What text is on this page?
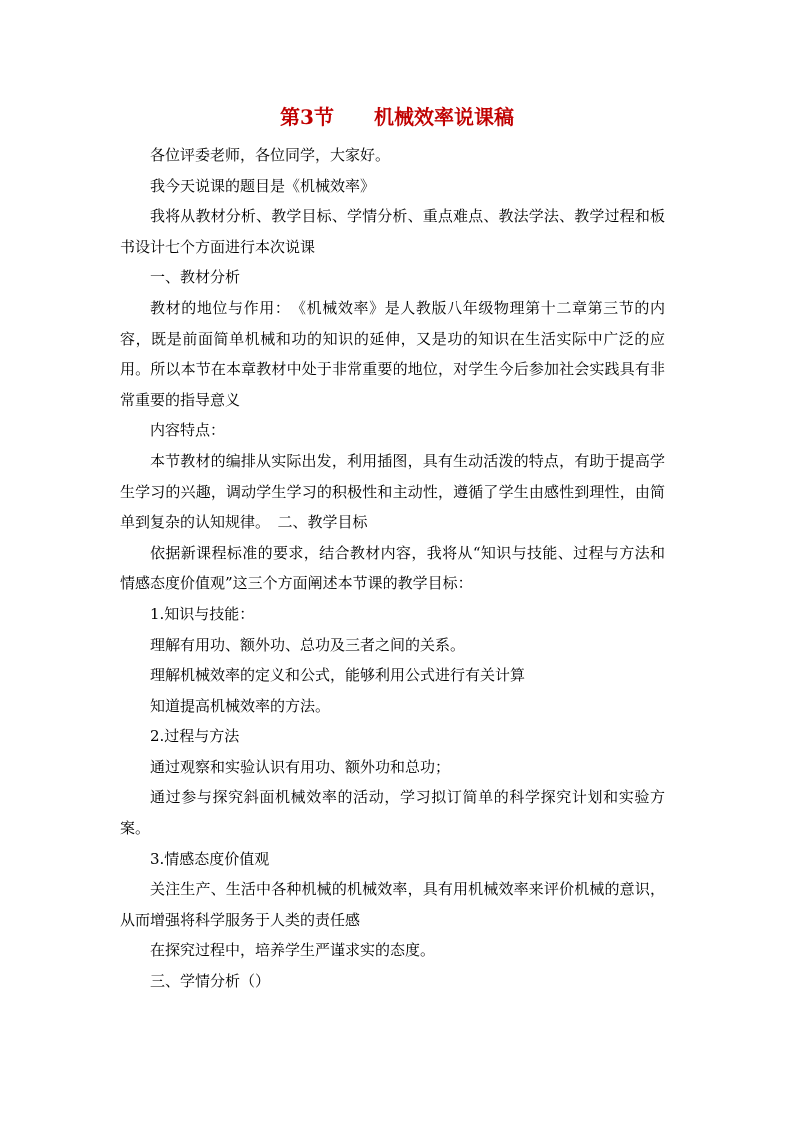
第3节 机械效率说课稿

各位评委老师，各位同学，大家好。

我今天说课的题目是《机械效率》

我将从教材分析、教学目标、学情分析、重点难点、教法学法、教学过程和板书设计七个方面进行本次说课

一、教材分析

教材的地位与作用：　《机械效率》是人教版八年级物理第十二章第三节的内容，既是前面简单机械和功的知识的延伸，又是功的知识在生活实际中广泛的应用。所以本节在本章教材中处于非常重要的地位，对学生今后参加社会实践具有非常重要的指导意义

内容特点：

本节教材的编排从实际出发，利用插图，具有生动活泼的特点，有助于提高学生学习的兴趣，调动学生学习的积极性和主动性，遵循了学生由感性到理性，由简单到复杂的认知规律。　二、教学目标

依据新课程标准的要求，结合教材内容，我将从“知识与技能、过程与方法和情感态度价值观”这三个方面阐述本节课的教学目标：

1.知识与技能：

理解有用功、额外功、总功及三者之间的关系。

理解机械效率的定义和公式，能够利用公式进行有关计算

知道提高机械效率的方法。

2.过程与方法

通过观察和实验认识有用功、额外功和总功；

通过参与探究斜面机械效率的活动，学习拟订简单的科学探究计划和实验方案。

3.情感态度价值观

关注生产、生活中各种机械的机械效率，具有用机械效率来评价机械的意识，从而增强将科学服务于人类的责任感

在探究过程中，培养学生严谨求实的态度。

三、学情分析（）
